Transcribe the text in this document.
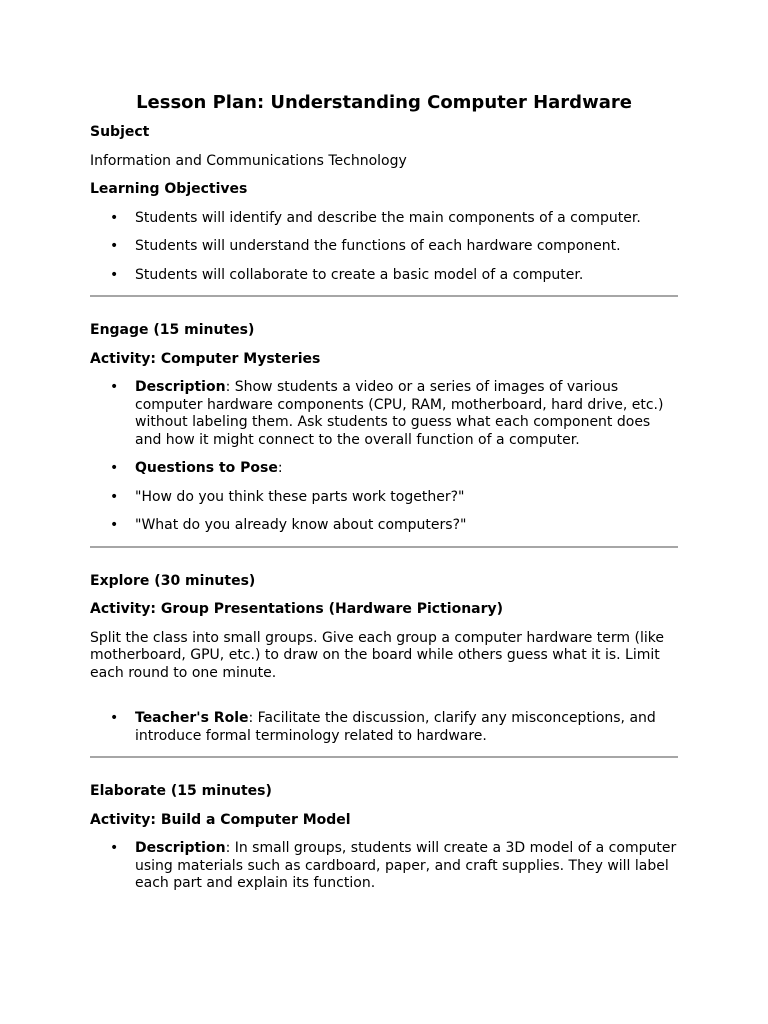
Lesson Plan: Understanding Computer Hardware
Subject
Information and Communications Technology
Learning Objectives
• Students will identify and describe the main components of a computer.
• Students will understand the functions of each hardware component.
• Students will collaborate to create a basic model of a computer.
Engage (15 minutes)
Activity: Computer Mysteries
• Description: Show students a video or a series of images of various computer hardware components (CPU, RAM, motherboard, hard drive, etc.) without labeling them. Ask students to guess what each component does and how it might connect to the overall function of a computer.
• Questions to Pose:
• "How do you think these parts work together?"
• "What do you already know about computers?"
Explore (30 minutes)
Activity: Group Presentations (Hardware Pictionary)
Split the class into small groups. Give each group a computer hardware term (like motherboard, GPU, etc.) to draw on the board while others guess what it is. Limit each round to one minute.
• Teacher's Role: Facilitate the discussion, clarify any misconceptions, and introduce formal terminology related to hardware.
Elaborate (15 minutes)
Activity: Build a Computer Model
• Description: In small groups, students will create a 3D model of a computer using materials such as cardboard, paper, and craft supplies. They will label each part and explain its function.
